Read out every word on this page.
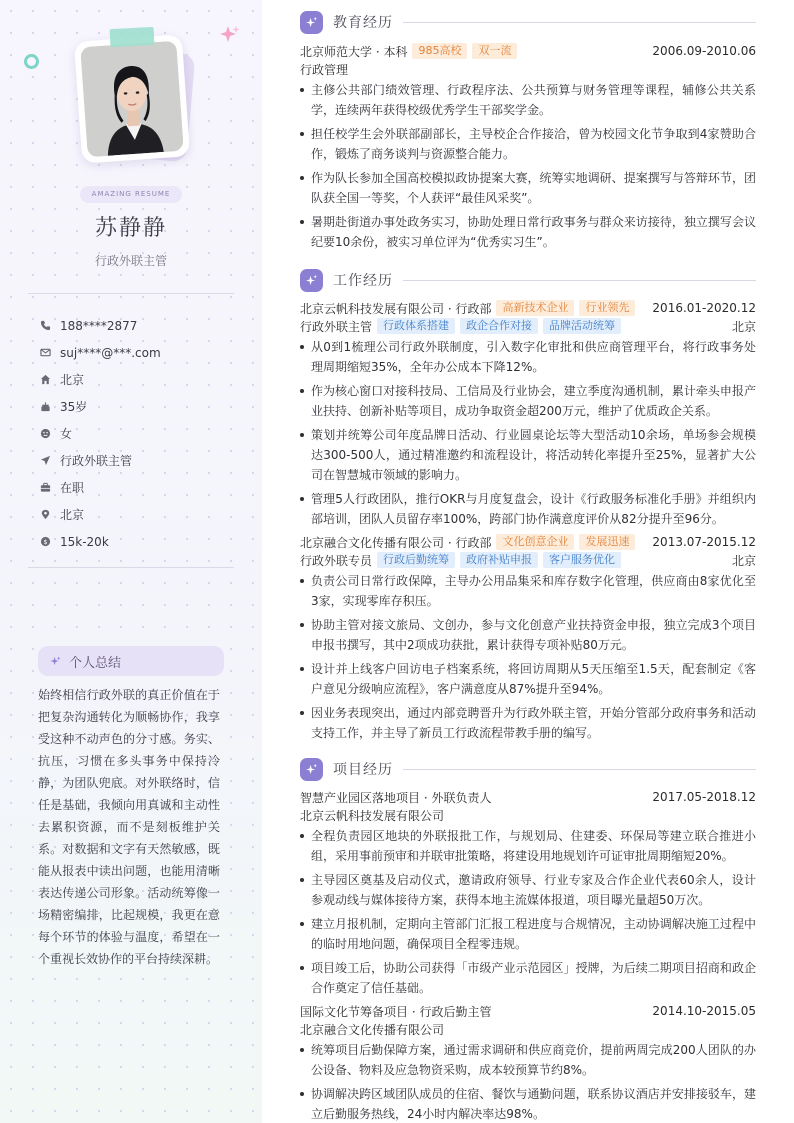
AMAZING RESUME
苏静静
行政外联主管
188****2877
suj****@***.com
北京
35岁
女
行政外联主管
在职
北京
$ 15k-20k
个人总结

始终相信行政外联的真正价值在于把复杂沟通转化为顺畅协作，我享受这种不动声色的分寸感。务实、抗压，习惯在多头事务中保持冷静，为团队兜底。对外联络时，信任是基础，我倾向用真诚和主动性去累积资源，而不是刻板维护关系。对数据和文字有天然敏感，既能从报表中读出问题，也能用清晰表达传递公司形象。活动统筹像一场精密编排，比起规模，我更在意每个环节的体验与温度，希望在一个重视长效协作的平台持续深耕。

教育经历
北京师范大学 · 本科	985高校	双一流	2006.09-2010.06
行政管理
主修公共部门绩效管理、行政程序法、公共预算与财务管理等课程，辅修公共关系学，连续两年获得校级优秀学生干部奖学金。
担任校学生会外联部副部长，主导校企合作接洽，曾为校园文化节争取到4家赞助合作，锻炼了商务谈判与资源整合能力。
作为队长参加全国高校模拟政协提案大赛，统筹实地调研、提案撰写与答辩环节，团队获全国一等奖，个人获评“最佳风采奖”。
暑期赴街道办事处政务实习，协助处理日常行政事务与群众来访接待，独立撰写会议纪要10余份，被实习单位评为“优秀实习生”。
工作经历
北京云帆科技发展有限公司 · 行政部	高新技术企业	行业领先	2016.01-2020.12
行政外联主管	行政体系搭建	政企合作对接	品牌活动统筹	北京
从0到1梳理公司行政外联制度，引入数字化审批和供应商管理平台，将行政事务处理周期缩短35%，全年办公成本下降12%。
作为核心窗口对接科技局、工信局及行业协会，建立季度沟通机制，累计牵头申报产业扶持、创新补贴等项目，成功争取资金超200万元，维护了优质政企关系。
策划并统筹公司年度品牌日活动、行业圆桌论坛等大型活动10余场，单场参会规模达300-500人，通过精准邀约和流程设计，将活动转化率提升至25%，显著扩大公司在智慧城市领域的影响力。
管理5人行政团队，推行OKR与月度复盘会，设计《行政服务标准化手册》并组织内部培训，团队人员留存率100%，跨部门协作满意度评价从82分提升至96分。
北京融合文化传播有限公司 · 行政部	文化创意企业	发展迅速	2013.07-2015.12
行政外联专员	行政后勤统筹	政府补贴申报	客户服务优化	北京
负责公司日常行政保障，主导办公用品集采和库存数字化管理，供应商由8家优化至3家，实现零库存积压。
协助主管对接文旅局、文创办，参与文化创意产业扶持资金申报，独立完成3个项目申报书撰写，其中2项成功获批，累计获得专项补贴80万元。
设计并上线客户回访电子档案系统，将回访周期从5天压缩至1.5天，配套制定《客户意见分级响应流程》，客户满意度从87%提升至94%。
因业务表现突出，通过内部竞聘晋升为行政外联主管，开始分管部分政府事务和活动支持工作，并主导了新员工行政流程带教手册的编写。
项目经历
智慧产业园区落地项目 · 外联负责人	2017.05-2018.12
北京云帆科技发展有限公司
全程负责园区地块的外联报批工作，与规划局、住建委、环保局等建立联合推进小组，采用事前预审和并联审批策略，将建设用地规划许可证审批周期缩短20%。
主导园区奠基及启动仪式，邀请政府领导、行业专家及合作企业代表60余人，设计参观动线与媒体接待方案，获得本地主流媒体报道，项目曝光量超50万次。
建立月报机制，定期向主管部门汇报工程进度与合规情况，主动协调解决施工过程中的临时用地问题，确保项目全程零违规。
项目竣工后，协助公司获得「市级产业示范园区」授牌，为后续二期项目招商和政企合作奠定了信任基础。
国际文化节筹备项目 · 行政后勤主管	2014.10-2015.05
北京融合文化传播有限公司
统筹项目后勤保障方案，通过需求调研和供应商竞价，提前两周完成200人团队的办公设备、物料及应急物资采购，成本较预算节约8%。
协调解决跨区域团队成员的住宿、餐饮与通勤问题，联系协议酒店并安排接驳车，建立后勤服务热线，24小时内解决率达98%。
